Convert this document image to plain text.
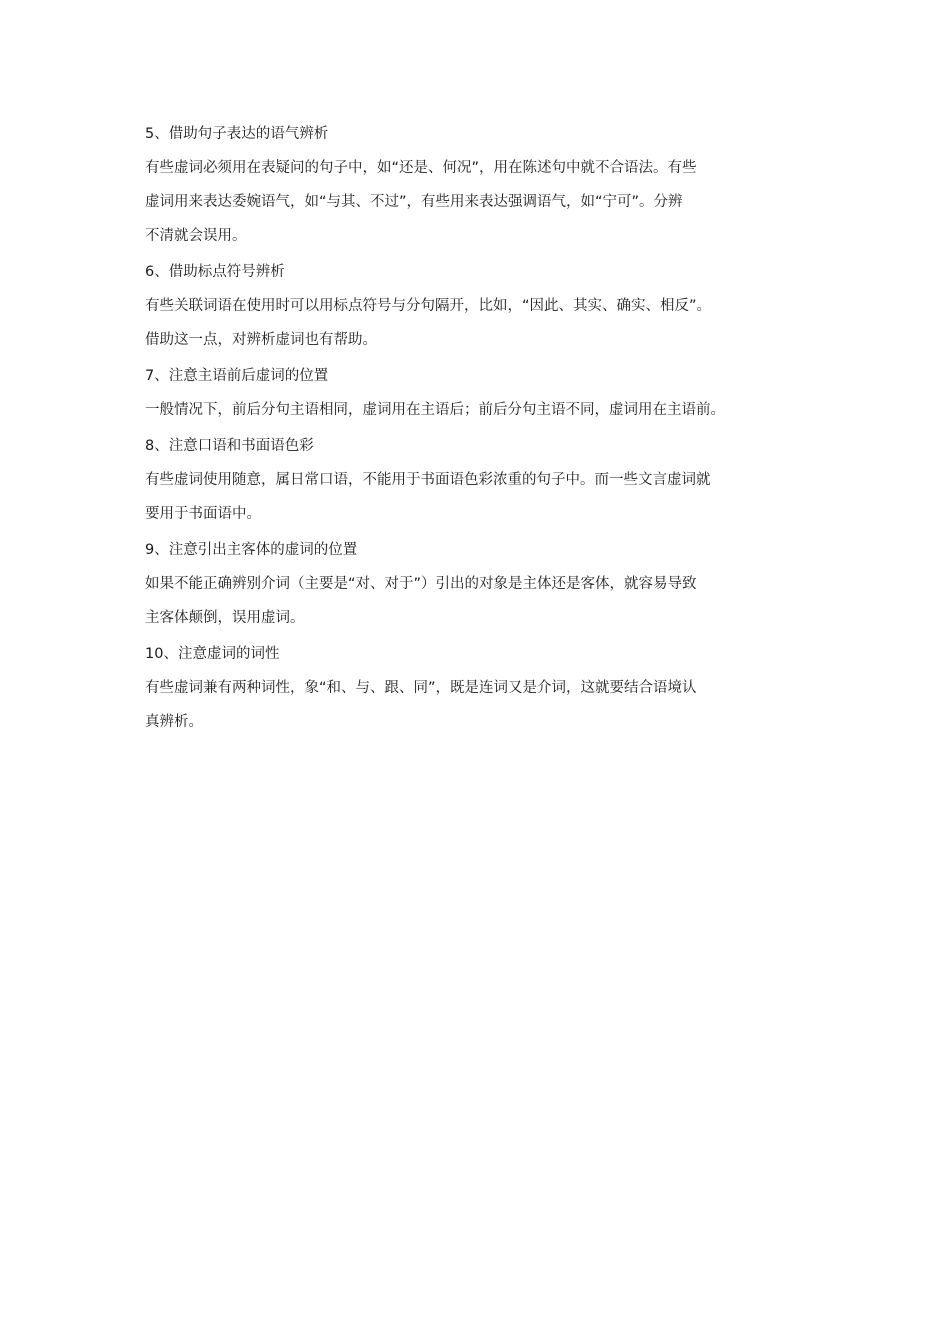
5、借助句子表达的语气辨析
有些虚词必须用在表疑问的句子中，如“还是、何况”，用在陈述句中就不合语法。有些
虚词用来表达委婉语气，如“与其、不过”，有些用来表达强调语气，如“宁可”。分辨
不清就会误用。
6、借助标点符号辨析
有些关联词语在使用时可以用标点符号与分句隔开，比如，“因此、其实、确实、相反”。
借助这一点，对辨析虚词也有帮助。
7、注意主语前后虚词的位置
一般情况下，前后分句主语相同，虚词用在主语后；前后分句主语不同，虚词用在主语前。
8、注意口语和书面语色彩
有些虚词使用随意，属日常口语，不能用于书面语色彩浓重的句子中。而一些文言虚词就
要用于书面语中。
9、注意引出主客体的虚词的位置
如果不能正确辨别介词（主要是“对、对于”）引出的对象是主体还是客体，就容易导致
主客体颠倒，误用虚词。
10、注意虚词的词性
有些虚词兼有两种词性，象“和、与、跟、同”，既是连词又是介词，这就要结合语境认
真辨析。
